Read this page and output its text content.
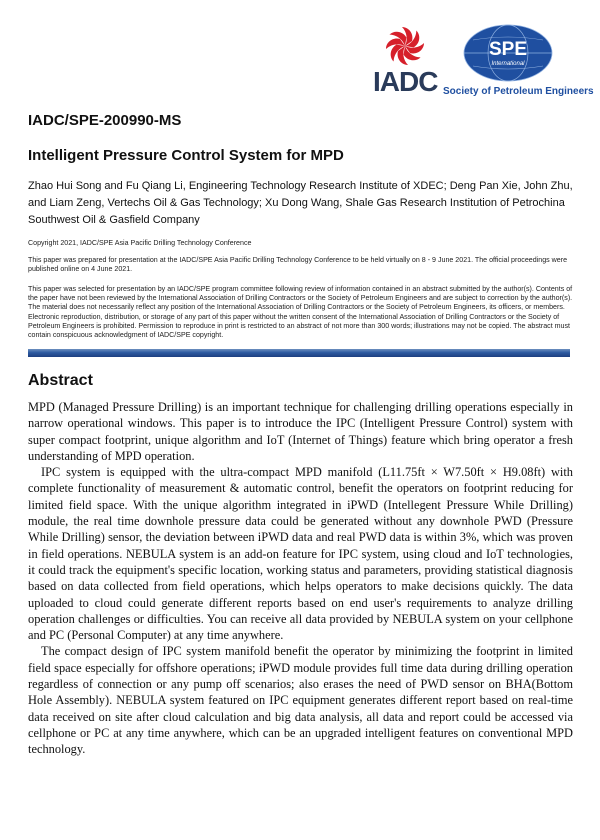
IADC
SPE
International
Society of Petroleum Engineers
IADC/SPE-200990-MS
Intelligent Pressure Control System for MPD
Zhao Hui Song and Fu Qiang Li, Engineering Technology Research Institute of XDEC; Deng Pan Xie, John Zhu, and Liam Zeng, Vertechs Oil & Gas Technology; Xu Dong Wang, Shale Gas Research Institution of Petrochina Southwest Oil & Gasfield Company
Copyright 2021, IADC/SPE Asia Pacific Drilling Technology Conference
This paper was prepared for presentation at the IADC/SPE Asia Pacific Drilling Technology Conference to be held virtually on 8 - 9 June 2021. The official proceedings were published online on 4 June 2021.
This paper was selected for presentation by an IADC/SPE program committee following review of information contained in an abstract submitted by the author(s). Contents of the paper have not been reviewed by the International Association of Drilling Contractors or the Society of Petroleum Engineers and are subject to correction by the author(s). The material does not necessarily reflect any position of the International Association of Drilling Contractors or the Society of Petroleum Engineers, its officers, or members. Electronic reproduction, distribution, or storage of any part of this paper without the written consent of the International Association of Drilling Contractors or the Society of Petroleum Engineers is prohibited. Permission to reproduce in print is restricted to an abstract of not more than 300 words; illustrations may not be copied. The abstract must contain conspicuous acknowledgment of IADC/SPE copyright.
Abstract

MPD (Managed Pressure Drilling) is an important technique for challenging drilling operations especially in narrow operational windows. This paper is to introduce the IPC (Intelligent Pressure Control) system with super compact footprint, unique algorithm and IoT (Internet of Things) feature which bring operator a fresh understanding of MPD operation.

IPC system is equipped with the ultra-compact MPD manifold (L11.75ft × W7.50ft × H9.08ft) with complete functionality of measurement & automatic control, benefit the operators on footprint reducing for limited field space. With the unique algorithm integrated in iPWD (Intellegent Pressure While Drilling) module, the real time downhole pressure data could be generated without any downhole PWD (Pressure While Drilling) sensor, the deviation between iPWD data and real PWD data is within 3%, which was proven in field operations. NEBULA system is an add-on feature for IPC system, using cloud and IoT technologies, it could track the equipment's specific location, working status and parameters, providing statistical diagnosis based on data collected from field operations, which helps operators to make decisions quickly. The data uploaded to cloud could generate different reports based on end user's requirements to analyze drilling operation challenges or difficulties. You can receive all data provided by NEBULA system on your cellphone and PC (Personal Computer) at any time anywhere.

The compact design of IPC system manifold benefit the operator by minimizing the footprint in limited field space especially for offshore operations; iPWD module provides full time data during drilling operation regardless of connection or any pump off scenarios; also erases the need of PWD sensor on BHA(Bottom Hole Assembly). NEBULA system featured on IPC equipment generates different report based on real-time data received on site after cloud calculation and big data analysis, all data and report could be accessed via cellphone or PC at any time anywhere, which can be an upgraded intelligent features on conventional MPD technology.
